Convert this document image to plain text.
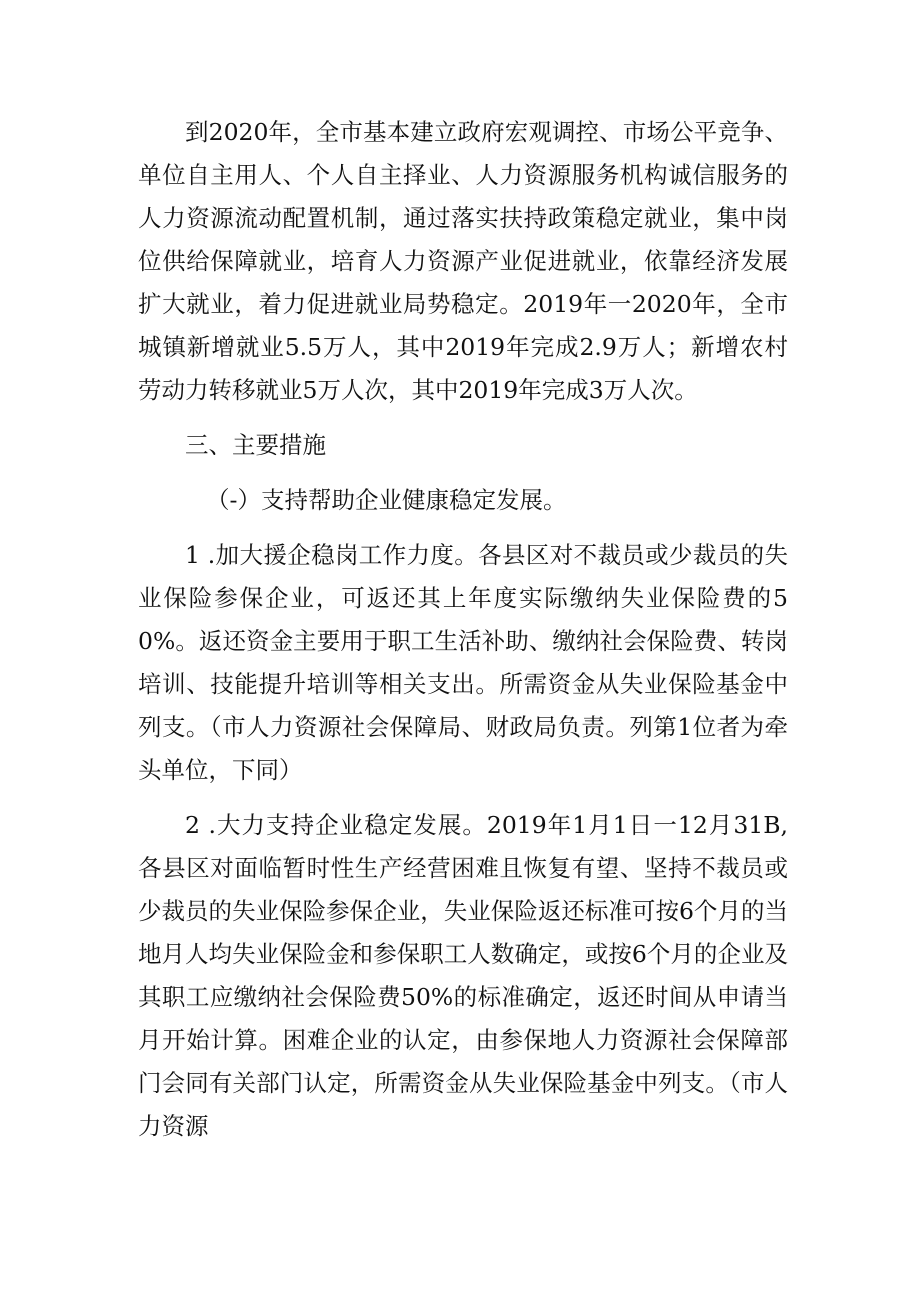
到2020年，全市基本建立政府宏观调控、市场公平竞争、单位自主用人、个人自主择业、人力资源服务机构诚信服务的人力资源流动配置机制，通过落实扶持政策稳定就业，集中岗位供给保障就业，培育人力资源产业促进就业，依靠经济发展扩大就业，着力促进就业局势稳定。2019年一2020年，全市城镇新增就业5.5万人，其中2019年完成2.9万人；新增农村劳动力转移就业5万人次，其中2019年完成3万人次。

三、主要措施

（-）支持帮助企业健康稳定发展。

1 .加大援企稳岗工作力度。各县区对不裁员或少裁员的失业保险参保企业，可返还其上年度实际缴纳失业保险费的50%。返还资金主要用于职工生活补助、缴纳社会保险费、转岗培训、技能提升培训等相关支出。所需资金从失业保险基金中列支。（市人力资源社会保障局、财政局负责。列第1位者为牵头单位，下同）

2 .大力支持企业稳定发展。2019年1月1日一12月31B,各县区对面临暂时性生产经营困难且恢复有望、坚持不裁员或少裁员的失业保险参保企业，失业保险返还标准可按6个月的当地月人均失业保险金和参保职工人数确定，或按6个月的企业及其职工应缴纳社会保险费50%的标准确定，返还时间从申请当月开始计算。困难企业的认定，由参保地人力资源社会保障部门会同有关部门认定，所需资金从失业保险基金中列支。（市人力资源
